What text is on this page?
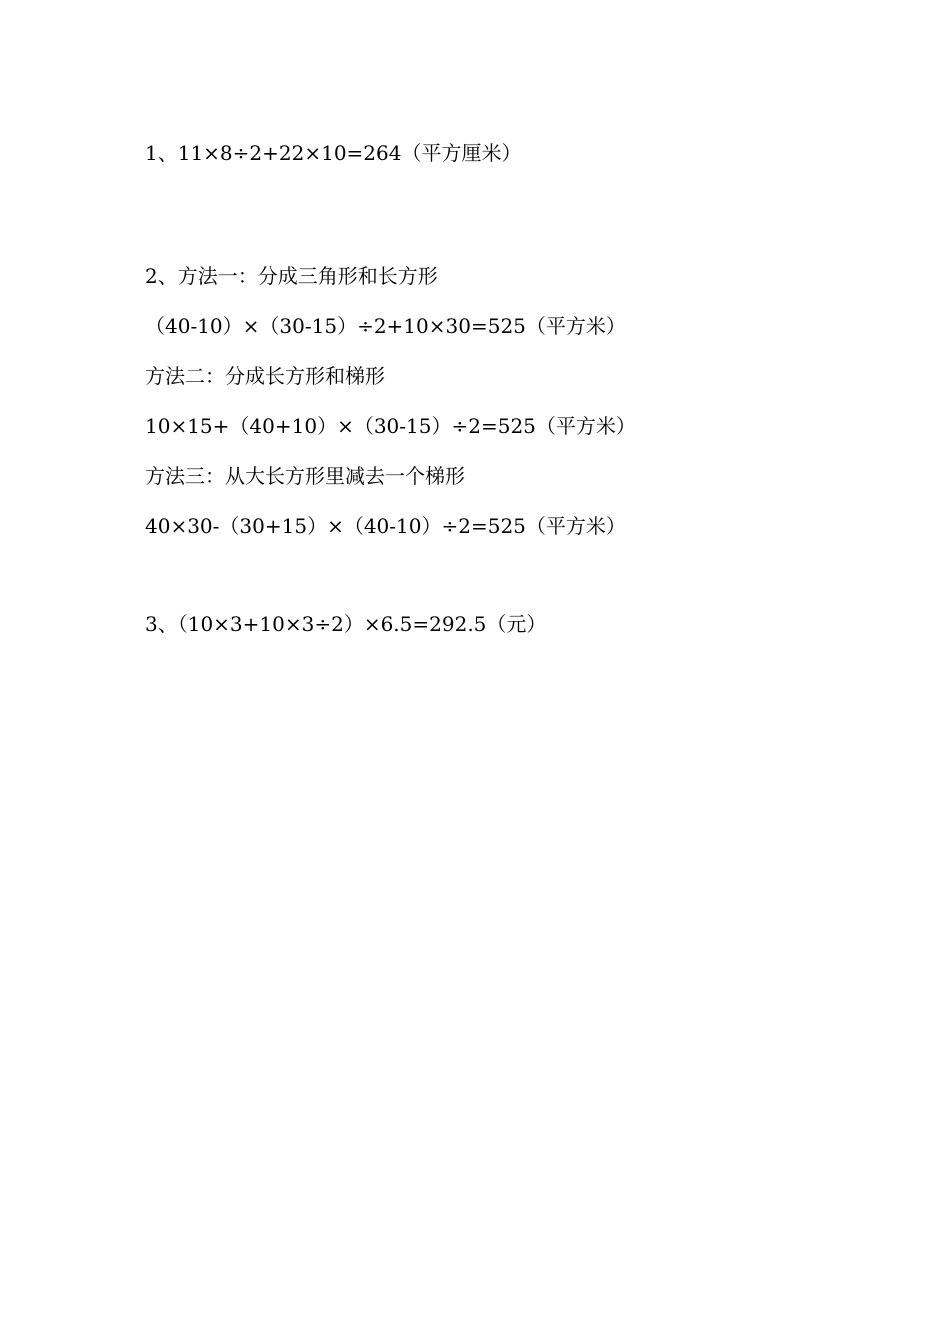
1、11×8÷2+22×10=264（平方厘米）
2、方法一：分成三角形和长方形
（40-10）×（30-15）÷2+10×30=525（平方米）
方法二：分成长方形和梯形
10×15+（40+10）×（30-15）÷2=525（平方米）
方法三：从大长方形里减去一个梯形
40×30-（30+15）×（40-10）÷2=525（平方米）
3、（10×3+10×3÷2）×6.5=292.5（元）
